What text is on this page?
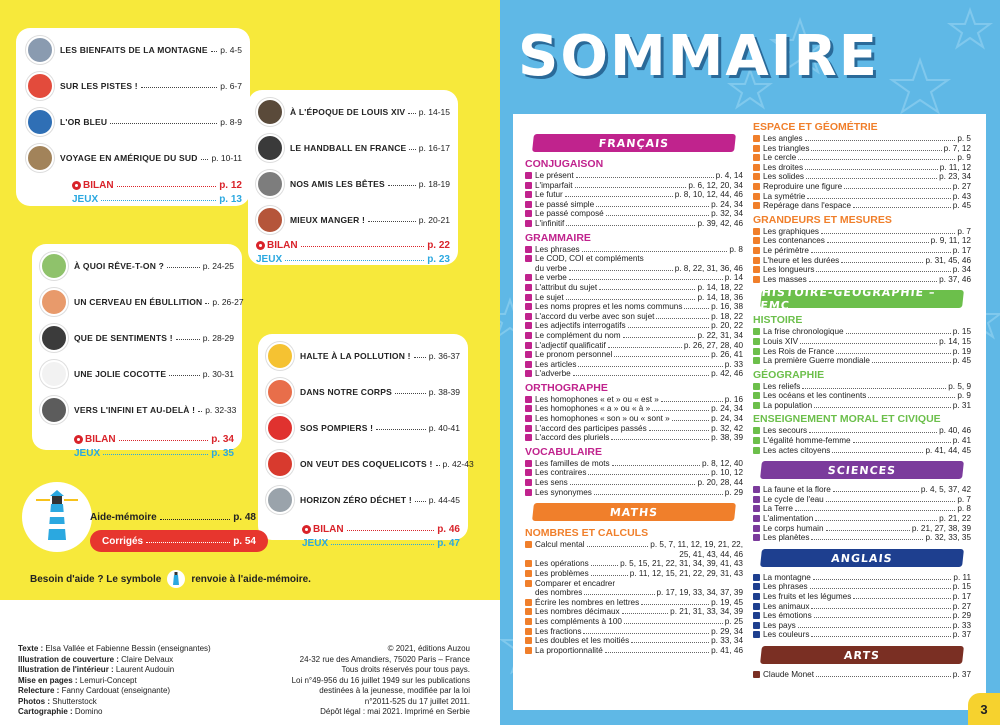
LES BIENFAITS DE LA MONTAGNE p. 4-5
SUR LES PISTES !	p. 6-7
L'OR BLEU	p. 8-9
VOYAGE EN AMÉRIQUE DU SUD p. 10-11
BILAN	p. 12
JEUX	p. 13
À L'ÉPOQUE DE LOUIS XIV p. 14-15
LE HANDBALL EN FRANCE p. 16-17
NOS AMIS LES BÊTES	p. 18-19
MIEUX MANGER !	p. 20-21
BILAN	p. 22
JEUX	p. 23
À QUOI RÊVE-T-ON ?	p. 24-25
UN CERVEAU EN ÉBULLITION p. 26-27
QUE DE SENTIMENTS !	p. 28-29
UNE JOLIE COCOTTE	p. 30-31
VERS L'INFINI ET AU-DELÀ ! p. 32-33
BILAN	p. 34
JEUX	p. 35
HALTE À LA POLLUTION ! p. 36-37
DANS NOTRE CORPS	p. 38-39
SOS POMPIERS !	p. 40-41
ON VEUT DES COQUELICOTS ! p. 42-43
HORIZON ZÉRO DÉCHET ! p. 44-45
BILAN	p. 46
JEUX	p. 47
Aide-mémoire	p. 48
Corrigés	p. 54
Besoin d'aide ? Le symbole	renvoie à l'aide-mémoire.
Texte : Elsa Vallée et Fabienne Bessin (enseignantes)
Illustration de couverture : Claire Delvaux
Illustration de l'intérieur : Laurent Audouin
Mise en pages : Lemuri-Concept
Relecture : Fanny Cardouat (enseignante)
Photos : Shutterstock
Cartographie : Domino
© 2021, éditions Auzou
24-32 rue des Amandiers, 75020 Paris – France
Tous droits réservés pour tous pays.
Loi n°49-956 du 16 juillet 1949 sur les publications
destinées à la jeunesse, modifiée par la loi
n°2011-525 du 17 juillet 2011.
Dépôt légal : mai 2021. Imprimé en Serbie
SOMMAIRE
FRANÇAIS
CONJUGAISON
Le présent	p. 4, 14
L'imparfait	p. 6, 12, 20, 34
Le futur	p. 8, 10, 12, 44, 46
Le passé simple	p. 24, 34
Le passé composé	p. 32, 34
L'infinitif	p. 39, 42, 46
GRAMMAIRE
Les phrases	p. 8
Le COD, COI et compléments
du verbe	p. 8, 22, 31, 36, 46
Le verbe	p. 14
L'attribut du sujet	p. 14, 18, 22
Le sujet	p. 14, 18, 36
Les noms propres et les noms communs	p. 16, 38
L'accord du verbe avec son sujet	p. 18, 22
Les adjectifs interrogatifs	p. 20, 22
Le complément du nom	p. 22, 31, 34
L'adjectif qualificatif	p. 26, 27, 28, 40
Le pronom personnel	p. 26, 41
Les articles	p. 33
L'adverbe	p. 42, 46
ORTHOGRAPHE
Les homophones « et » ou « est »	p. 16
Les homophones « a » ou « à »	p. 24, 34
Les homophones « son » ou « sont »	p. 24, 34
L'accord des participes passés	p. 32, 42
L'accord des pluriels	p. 38, 39
VOCABULAIRE
Les familles de mots	p. 8, 12, 40
Les contraires	p. 10, 12
Les sens	p. 20, 28, 44
Les synonymes	p. 29
MATHS
NOMBRES ET CALCULS
Calcul mental	p. 5, 7, 11, 12, 19, 21, 22,
25, 41, 43, 44, 46
Les opérations	p. 5, 15, 21, 22, 31, 34, 39, 41, 43
Les problèmes	p. 11, 12, 15, 21, 22, 29, 31, 43
Comparer et encadrer
des nombres	p. 17, 19, 33, 34, 37, 39
Écrire les nombres en lettres	p. 19, 45
Les nombres décimaux	p. 21, 31, 33, 34, 39
Les compléments à 100	p. 25
Les fractions	p. 29, 34
Les doubles et les moitiés	p. 33, 34
La proportionnalité	p. 41, 46
ESPACE ET GÉOMÉTRIE
Les angles	p. 5
Les triangles	p. 7, 12
Le cercle	p. 9
Les droites	p. 11, 12
Les solides	p. 23, 34
Reproduire une figure	p. 27
La symétrie	p. 43
Repérage dans l'espace	p. 45
GRANDEURS ET MESURES
Les graphiques	p. 7
Les contenances	p. 9, 11, 12
Le périmètre	p. 17
L'heure et les durées	p. 31, 45, 46
Les longueurs	p. 34
Les masses	p. 37, 46
HISTOIRE-GÉOGRAPHIE – EMC
HISTOIRE
La frise chronologique	p. 15
Louis XIV	p. 14, 15
Les Rois de France	p. 19
La première Guerre mondiale	p. 45
GÉOGRAPHIE
Les reliefs	p. 5, 9
Les océans et les continents	p. 9
La population	p. 31
ENSEIGNEMENT MORAL ET CIVIQUE
Les secours	p. 40, 46
L'égalité homme-femme	p. 41
Les actes citoyens	p. 41, 44, 45
SCIENCES
La faune et la flore	p. 4, 5, 37, 42
Le cycle de l'eau	p. 7
La Terre	p. 8
L'alimentation	p. 21, 22
Le corps humain	p. 21, 27, 38, 39
Les planètes	p. 32, 33, 35
ANGLAIS
La montagne	p. 11
Les phrases	p. 15
Les fruits et les légumes	p. 17
Les animaux	p. 27
Les émotions	p. 29
Les pays	p. 33
Les couleurs	p. 37
ARTS
Claude Monet	p. 37
3
